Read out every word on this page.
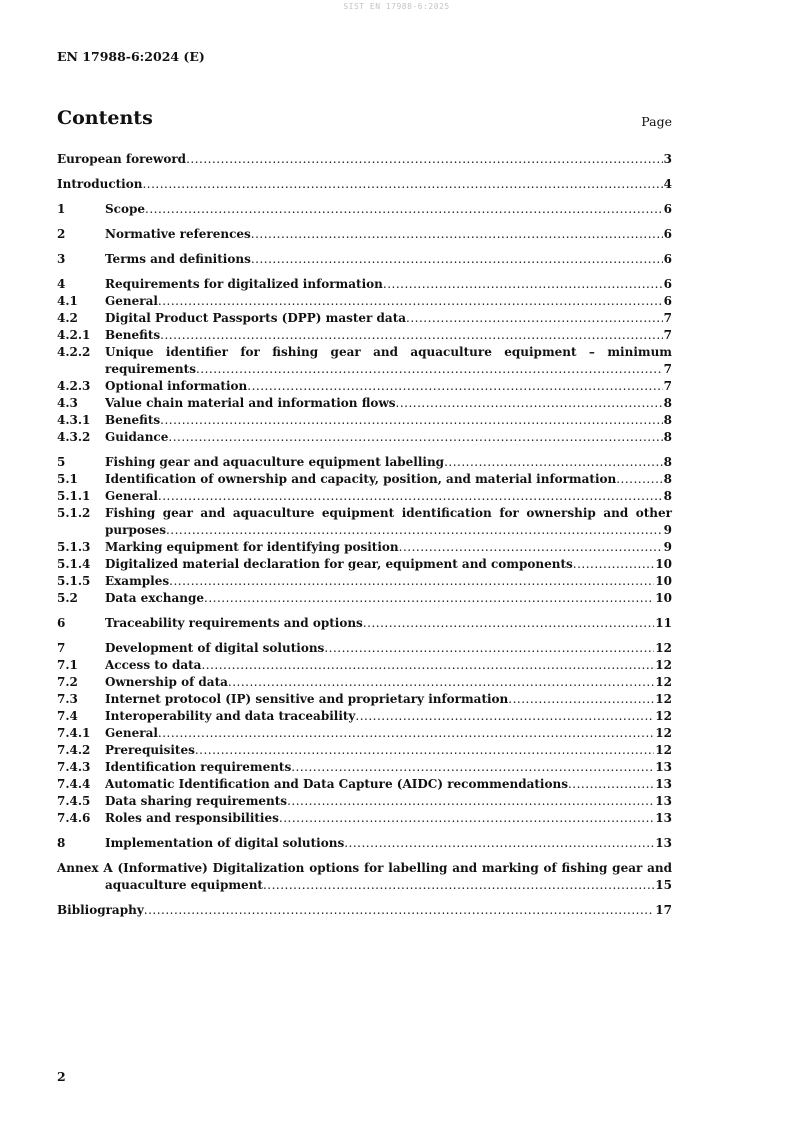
SIST EN 17988-6:2025
EN 17988-6:2024 (E)
Contents	Page
European foreword .....	3
Introduction .....	4
1	Scope .....	6
2	Normative references .....	6
3	Terms and definitions .....	6
4	Requirements for digitalized information .....	6
4.1	General .....	6
4.2	Digital Product Passports (DPP) master data .....	7
4.2.1	Benefits .....	7
4.2.2	Unique identifier for fishing gear and aquaculture equipment – minimum
requirements .....	7
4.2.3	Optional information .....	7
4.3	Value chain material and information flows .....	8
4.3.1	Benefits .....	8
4.3.2	Guidance .....	8
5	Fishing gear and aquaculture equipment labelling .....	8
5.1	Identification of ownership and capacity, position, and material information .....	8
5.1.1	General .....	8
5.1.2	Fishing gear and aquaculture equipment identification for ownership and other
purposes .....	9
5.1.3	Marking equipment for identifying position .....	9
5.1.4	Digitalized material declaration for gear, equipment and components .....	10
5.1.5	Examples .....	10
5.2	Data exchange .....	10
6	Traceability requirements and options .....	11
7	Development of digital solutions .....	12
7.1	Access to data .....	12
7.2	Ownership of data .....	12
7.3	Internet protocol (IP) sensitive and proprietary information .....	12
7.4	Interoperability and data traceability .....	12
7.4.1	General .....	12
7.4.2	Prerequisites .....	12
7.4.3	Identification requirements .....	13
7.4.4	Automatic Identification and Data Capture (AIDC) recommendations .....	13
7.4.5	Data sharing requirements .....	13
7.4.6	Roles and responsibilities .....	13
8	Implementation of digital solutions .....	13
Annex A (Informative) Digitalization options for labelling and marking of fishing gear and
aquaculture equipment .....	15
Bibliography .....	17
2
